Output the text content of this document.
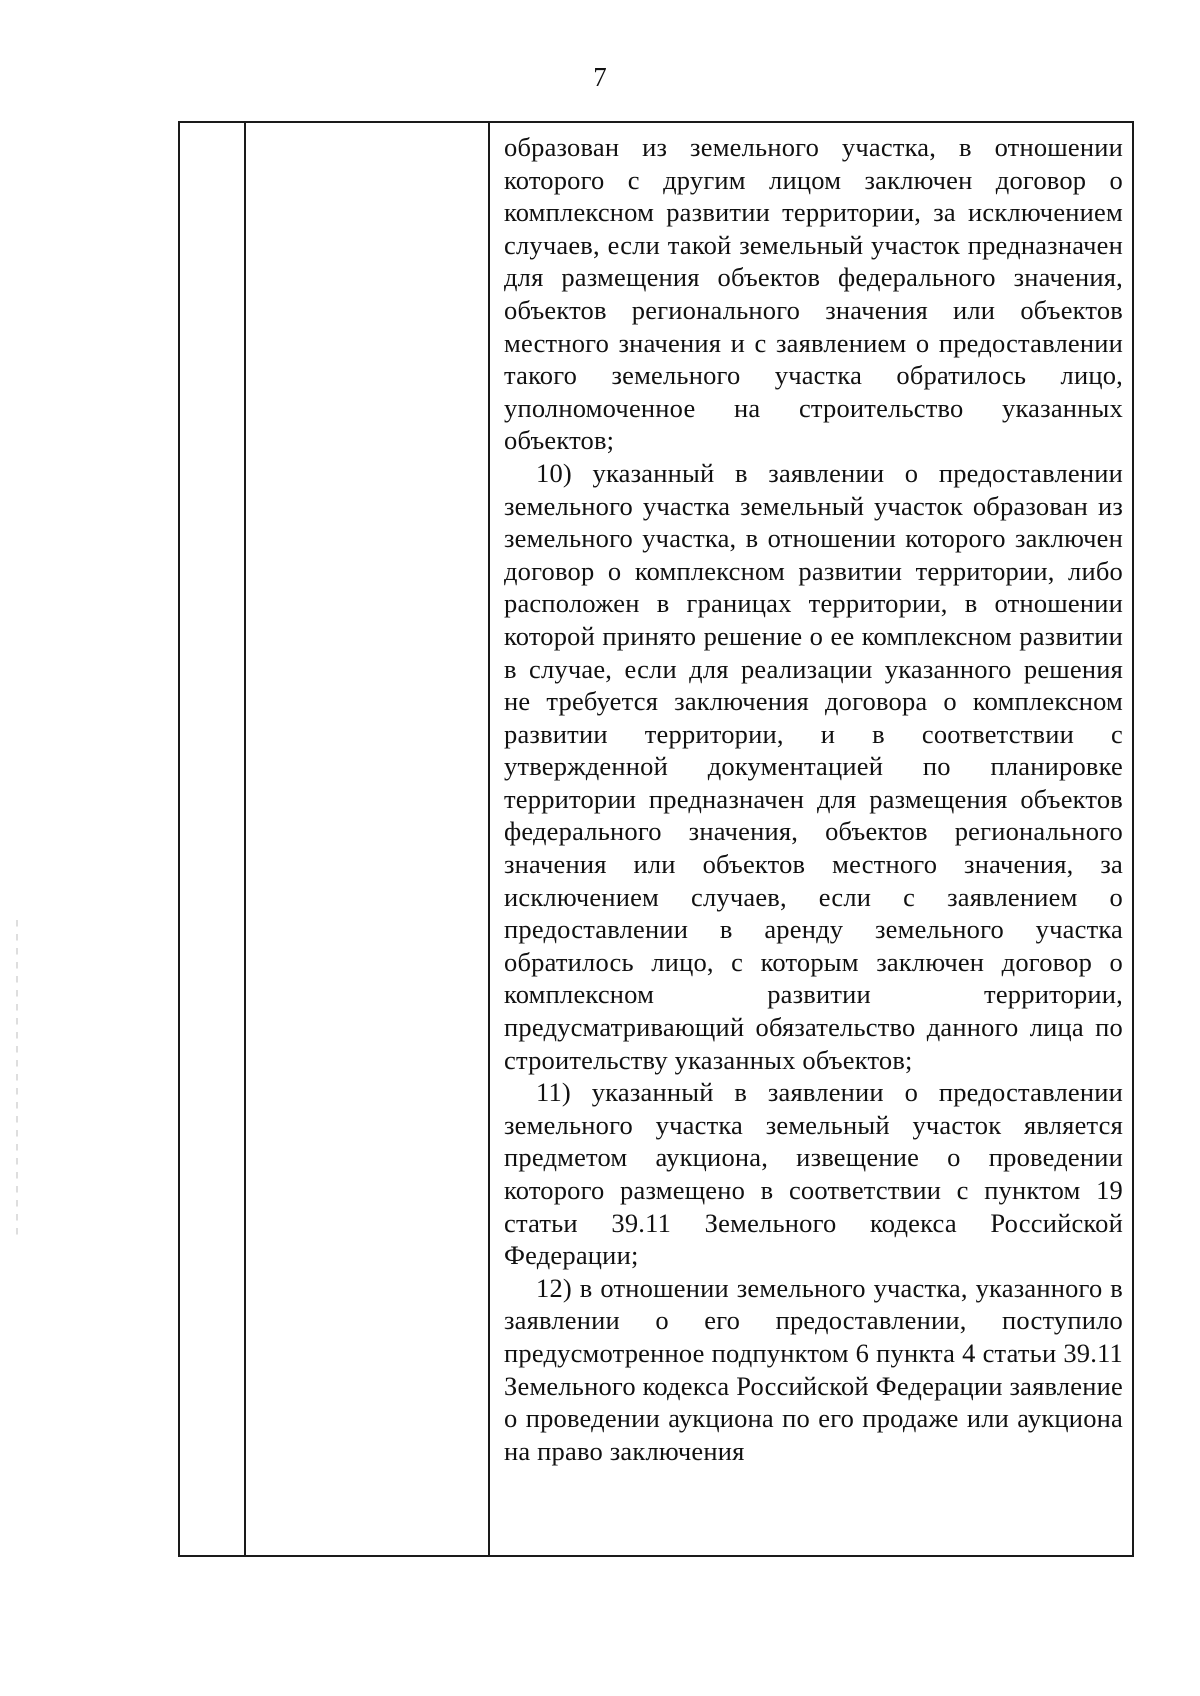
7

образован из земельного участка, в отношении которого с другим лицом заключен договор о комплексном развитии территории, за исключением случаев, если такой земельный участок предназначен для размещения объектов федерального значения, объектов регионального значения или объектов местного значения и с заявлением о предоставлении такого земельного участка обратилось лицо, уполномоченное на строительство указанных объектов;

10) указанный в заявлении о предоставлении земельного участка земельный участок образован из земельного участка, в отношении которого заключен договор о комплексном развитии территории, либо расположен в границах территории, в отношении которой принято решение о ее комплексном развитии в случае, если для реализации указанного решения не требуется заключения договора о комплексном развитии территории, и в соответствии с утвержденной документацией по планировке территории предназначен для размещения объектов федерального значения, объектов регионального значения или объектов местного значения, за исключением случаев, если с заявлением о предоставлении в аренду земельного участка обратилось лицо, с которым заключен договор о комплексном развитии территории, предусматривающий обязательство данного лица по строительству указанных объектов;

11) указанный в заявлении о предоставлении земельного участка земельный участок является предметом аукциона, извещение о проведении которого размещено в соответствии с пунктом 19 статьи 39.11 Земельного кодекса Российской Федерации;

12) в отношении земельного участка, указанного в заявлении о его предоставлении, поступило предусмотренное подпунктом 6 пункта 4 статьи 39.11 Земельного кодекса Российской Федерации заявление о проведении аукциона по его продаже или аукциона на право заключения
